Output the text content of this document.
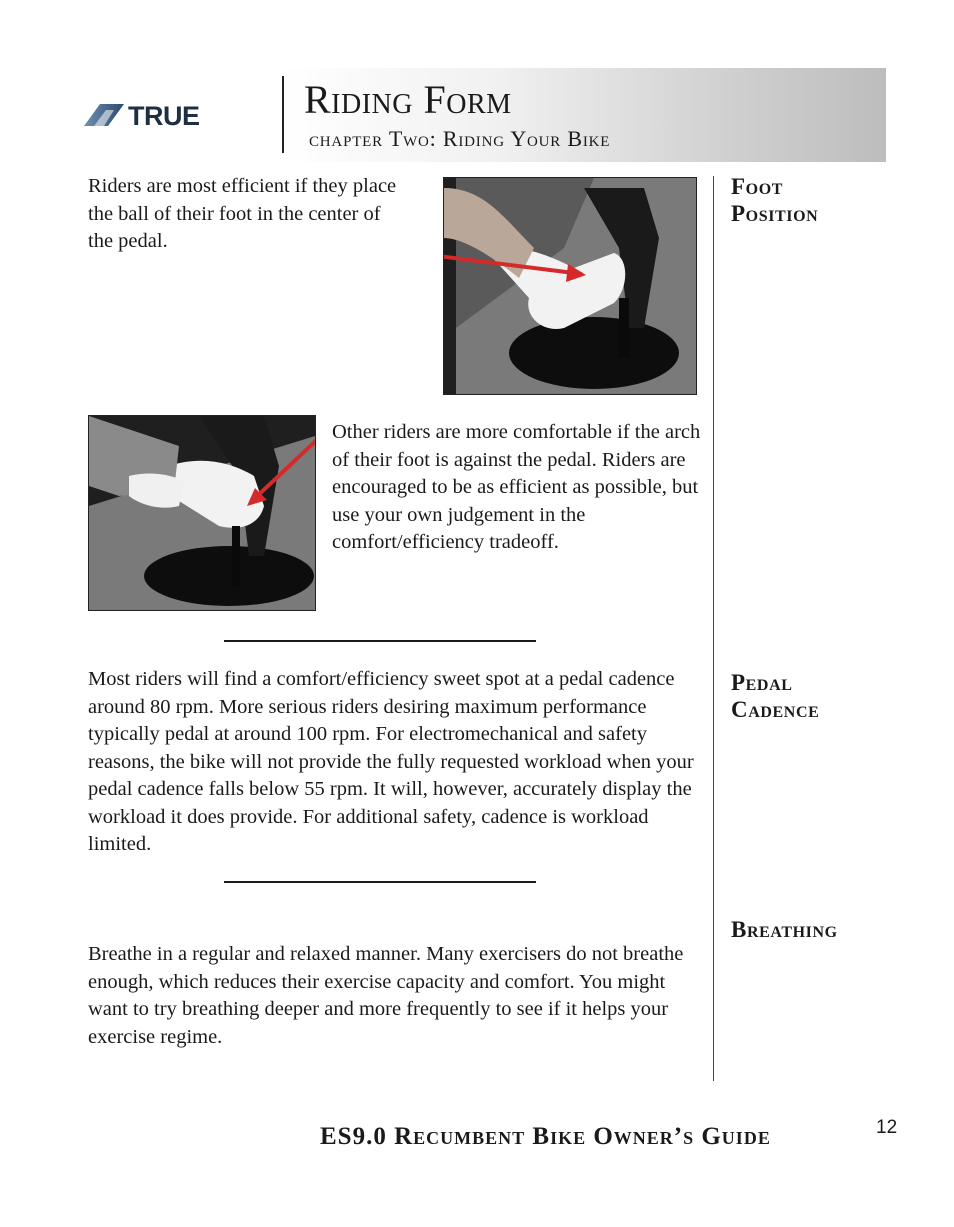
TRUE	Riding Form
chapter Two: Riding Your Bike
Foot
Position
Pedal
Cadence
Breathing
Riders are most efficient if they place the ball of their foot in the center of the pedal.
Other riders are more comfortable if the arch of their foot is against the pedal. Riders are encouraged to be as efficient as possible, but use your own judgement in the comfort/efficiency tradeoff.
Most riders will find a comfort/efficiency sweet spot at a pedal cadence around 80 rpm. More serious riders desiring maximum performance typically pedal at around 100 rpm. For electromechanical and safety reasons, the bike will not provide the fully requested workload when your pedal cadence falls below 55 rpm. It will, however, accurately display the workload it does provide. For additional safety, cadence is workload limited.
Breathe in a regular and relaxed manner. Many exercisers do not breathe enough, which reduces their exercise capacity and comfort. You might want to try breathing deeper and more frequently to see if it helps your exercise regime.
ES9.0 Recumbent Bike Owner’s Guide	12
